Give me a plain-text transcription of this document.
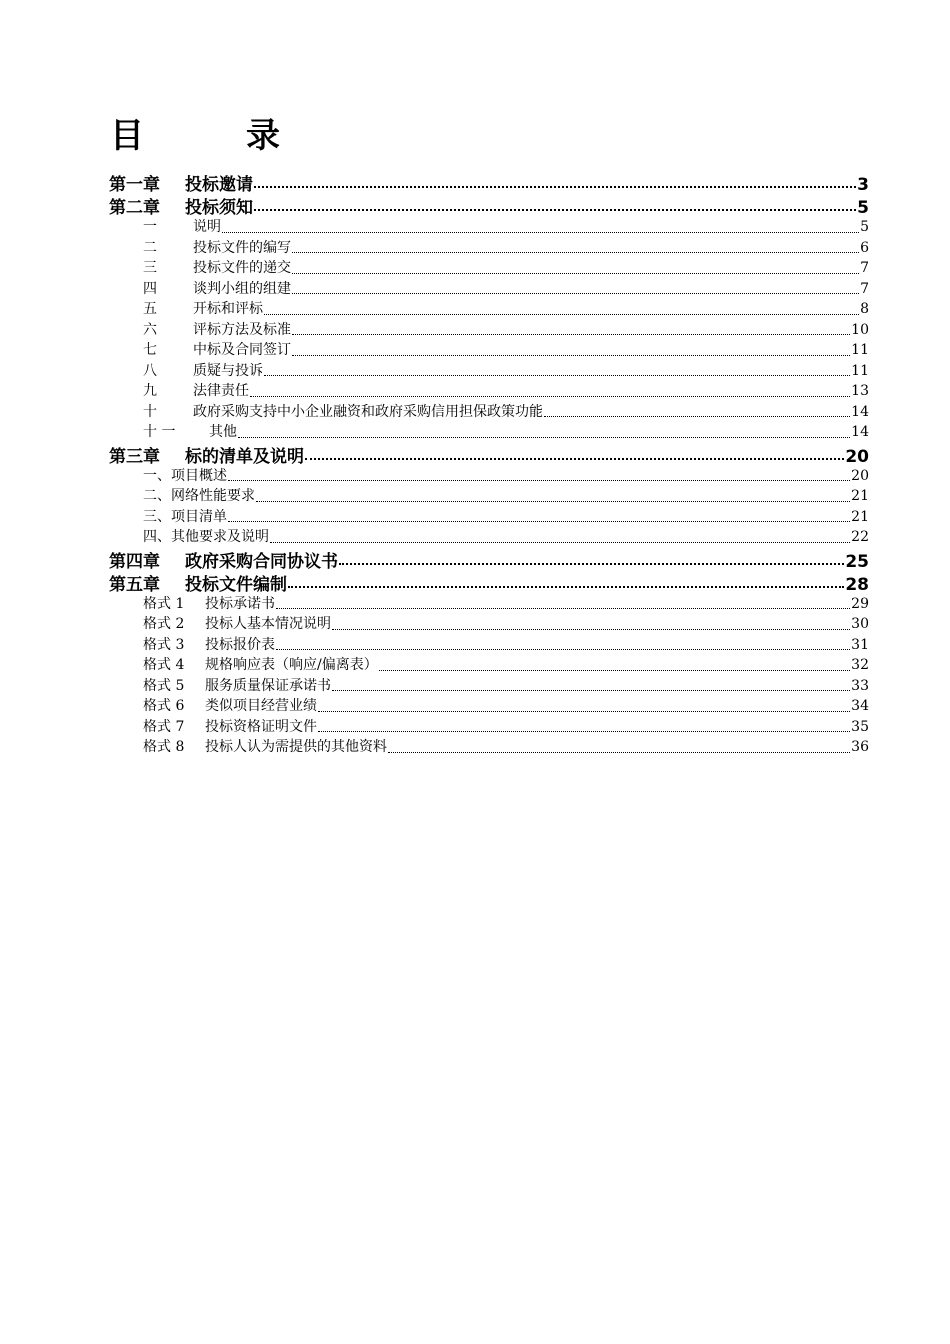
目　　　录
第一章	投标邀请	3
第二章	投标须知	5
一	说明	5
二	投标文件的编写	6
三	投标文件的递交	7
四	谈判小组的组建	7
五	开标和评标	8
六	评标方法及标准	10
七	中标及合同签订	11
八	质疑与投诉	11
九	法律责任	13
十	政府采购支持中小企业融资和政府采购信用担保政策功能	14
十 一	其他	14
第三章	标的清单及说明	20
一、项目概述	20
二、网络性能要求	21
三、项目清单	21
四、其他要求及说明	22
第四章	政府采购合同协议书	25
第五章	投标文件编制	28
格式 1	投标承诺书	29
格式 2	投标人基本情况说明	30
格式 3	投标报价表	31
格式 4	规格响应表（响应/偏离表）	32
格式 5	服务质量保证承诺书	33
格式 6	类似项目经营业绩	34
格式 7	投标资格证明文件	35
格式 8	投标人认为需提供的其他资料	36
